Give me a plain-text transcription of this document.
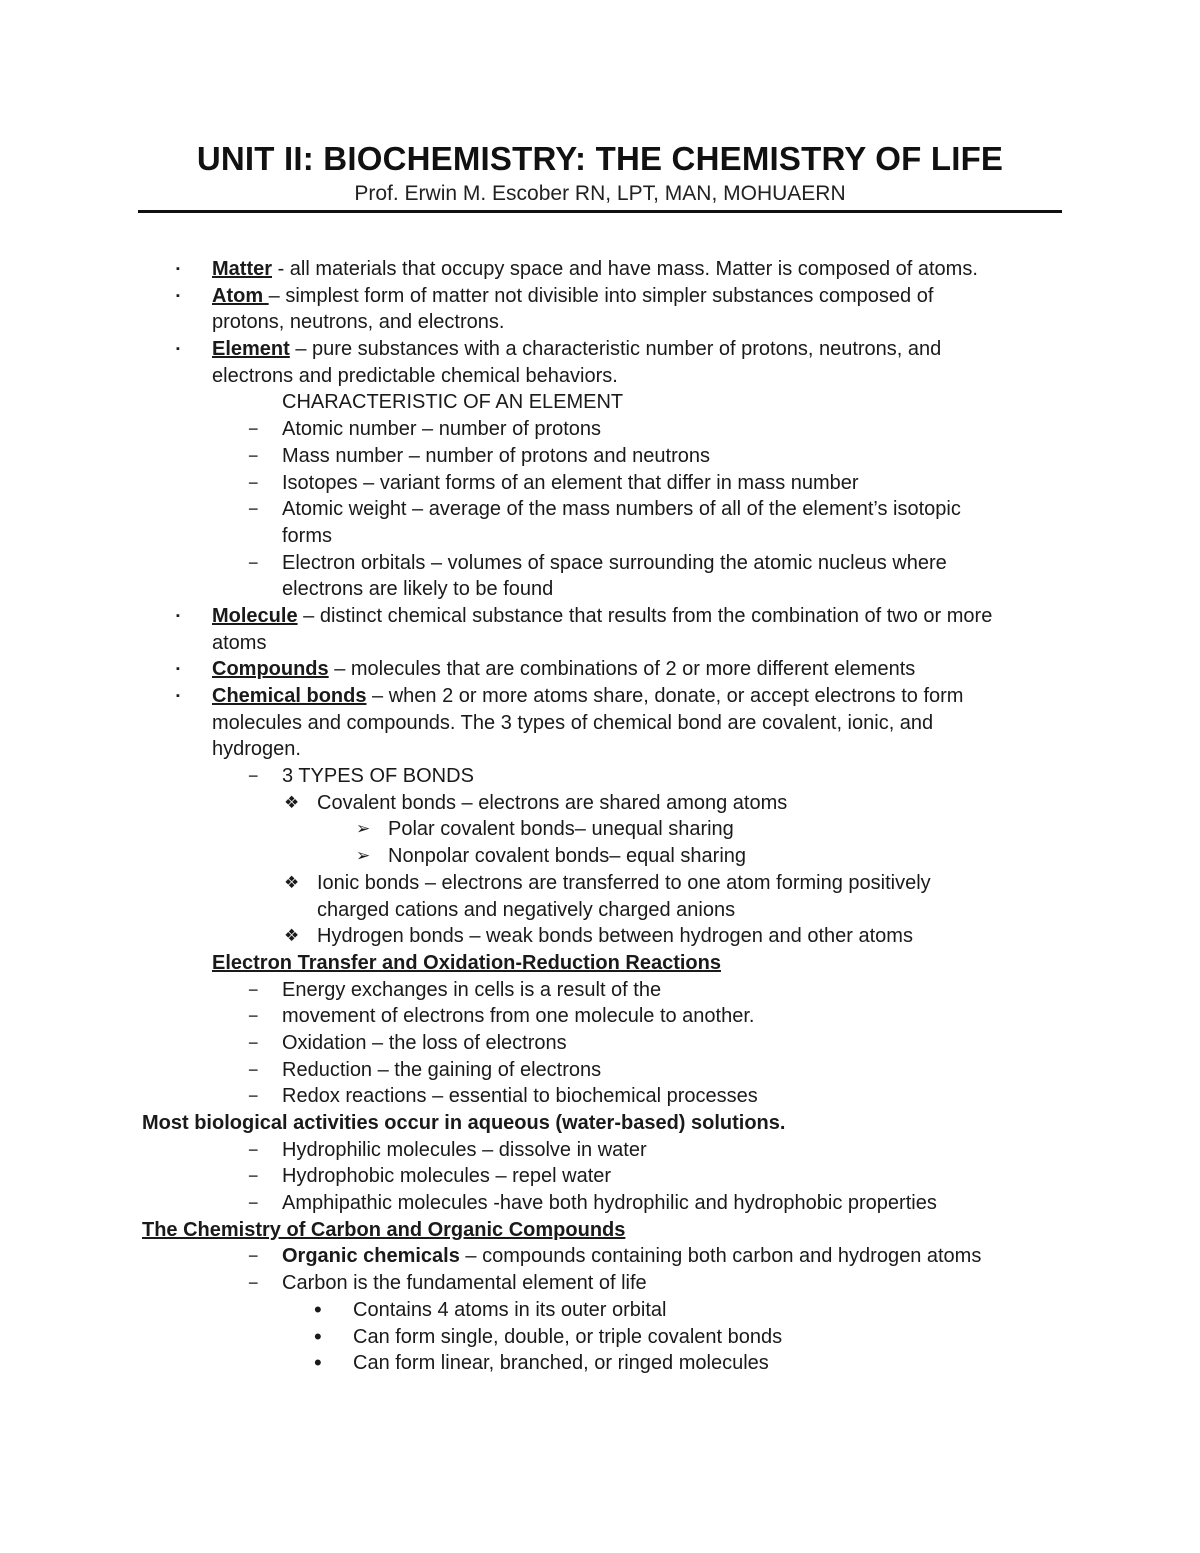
UNIT II: BIOCHEMISTRY: THE CHEMISTRY OF LIFE
Prof. Erwin M. Escober RN, LPT, MAN, MOHUAERN
▪ Matter - all materials that occupy space and have mass. Matter is composed of atoms.
▪ Atom – simplest form of matter not divisible into simpler substances composed of
protons, neutrons, and electrons.
▪ Element – pure substances with a characteristic number of protons, neutrons, and
electrons and predictable chemical behaviors.
CHARACTERISTIC OF AN ELEMENT
− Atomic number – number of protons
− Mass number – number of protons and neutrons
− Isotopes – variant forms of an element that differ in mass number
− Atomic weight – average of the mass numbers of all of the element’s isotopic
forms
− Electron orbitals – volumes of space surrounding the atomic nucleus where
electrons are likely to be found
▪ Molecule – distinct chemical substance that results from the combination of two or more
atoms
▪ Compounds – molecules that are combinations of 2 or more different elements
▪ Chemical bonds – when 2 or more atoms share, donate, or accept electrons to form
molecules and compounds. The 3 types of chemical bond are covalent, ionic, and
hydrogen.
− 3 TYPES OF BONDS
❖ Covalent bonds – electrons are shared among atoms
➢ Polar covalent bonds– unequal sharing
➢ Nonpolar covalent bonds– equal sharing
❖ Ionic bonds – electrons are transferred to one atom forming positively
charged cations and negatively charged anions
❖ Hydrogen bonds – weak bonds between hydrogen and other atoms
Electron Transfer and Oxidation-Reduction Reactions
− Energy exchanges in cells is a result of the
− movement of electrons from one molecule to another.
− Oxidation – the loss of electrons
− Reduction – the gaining of electrons
− Redox reactions – essential to biochemical processes
Most biological activities occur in aqueous (water-based) solutions.
− Hydrophilic molecules – dissolve in water
− Hydrophobic molecules – repel water
− Amphipathic molecules -have both hydrophilic and hydrophobic properties
The Chemistry of Carbon and Organic Compounds
− Organic chemicals – compounds containing both carbon and hydrogen atoms
− Carbon is the fundamental element of life
• Contains 4 atoms in its outer orbital
• Can form single, double, or triple covalent bonds
• Can form linear, branched, or ringed molecules
